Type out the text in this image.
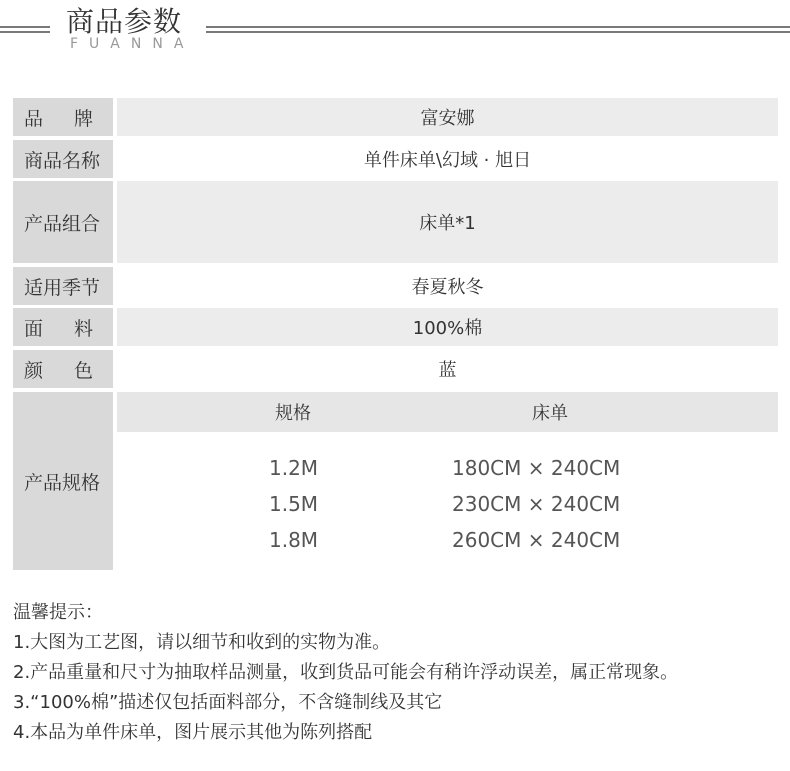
商品参数
FUANNA
品 牌	富安娜
商品名称	单件床单\幻域 · 旭日
产品组合	床单*1
适用季节	春夏秋冬
面 料	100%棉
颜 色	蓝
产品规格
规格	床单
1.2M	180CM × 240CM
1.5M	230CM × 240CM
1.8M	260CM × 240CM
温馨提示：
1.大图为工艺图，请以细节和收到的实物为准。
2.产品重量和尺寸为抽取样品测量，收到货品可能会有稍许浮动误差，属正常现象。
3.“100%棉”描述仅包括面料部分，不含缝制线及其它
4.本品为单件床单，图片展示其他为陈列搭配
